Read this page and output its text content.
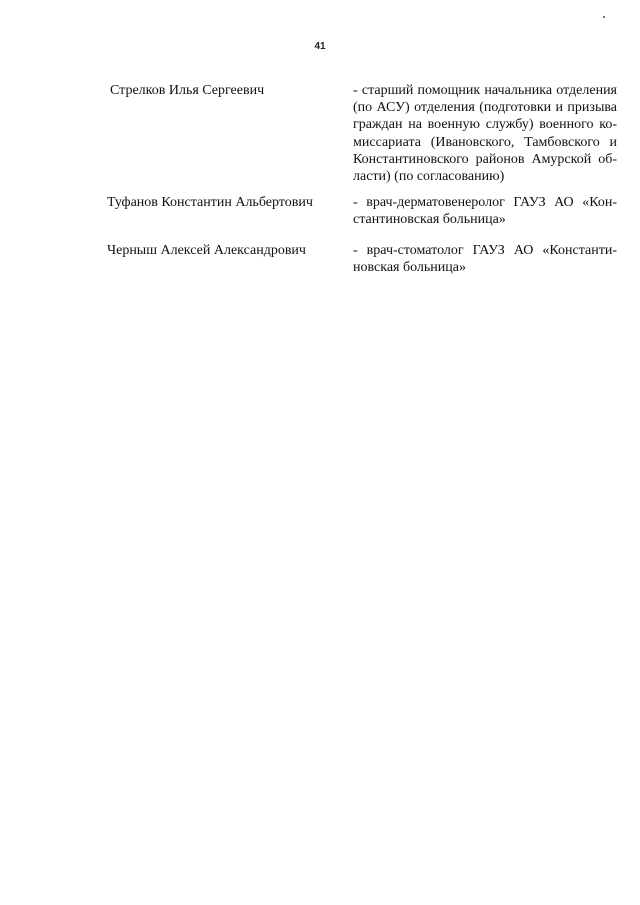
41
Стрелков Илья Сергеевич	- старший помощник начальника отделения
(по АСУ) отделения (подготовки и призыва
граждан на военную службу) военного ко-
миссариата (Ивановского, Тамбовского и
Константиновского районов Амурской об-
ласти) (по согласованию)
Туфанов Константин Альбертович	- врач-дерматовенеролог ГАУЗ АО «Кон-
стантиновская больница»
Черныш Алексей Александрович	- врач-стоматолог ГАУЗ АО «Константи-
новская больница»
